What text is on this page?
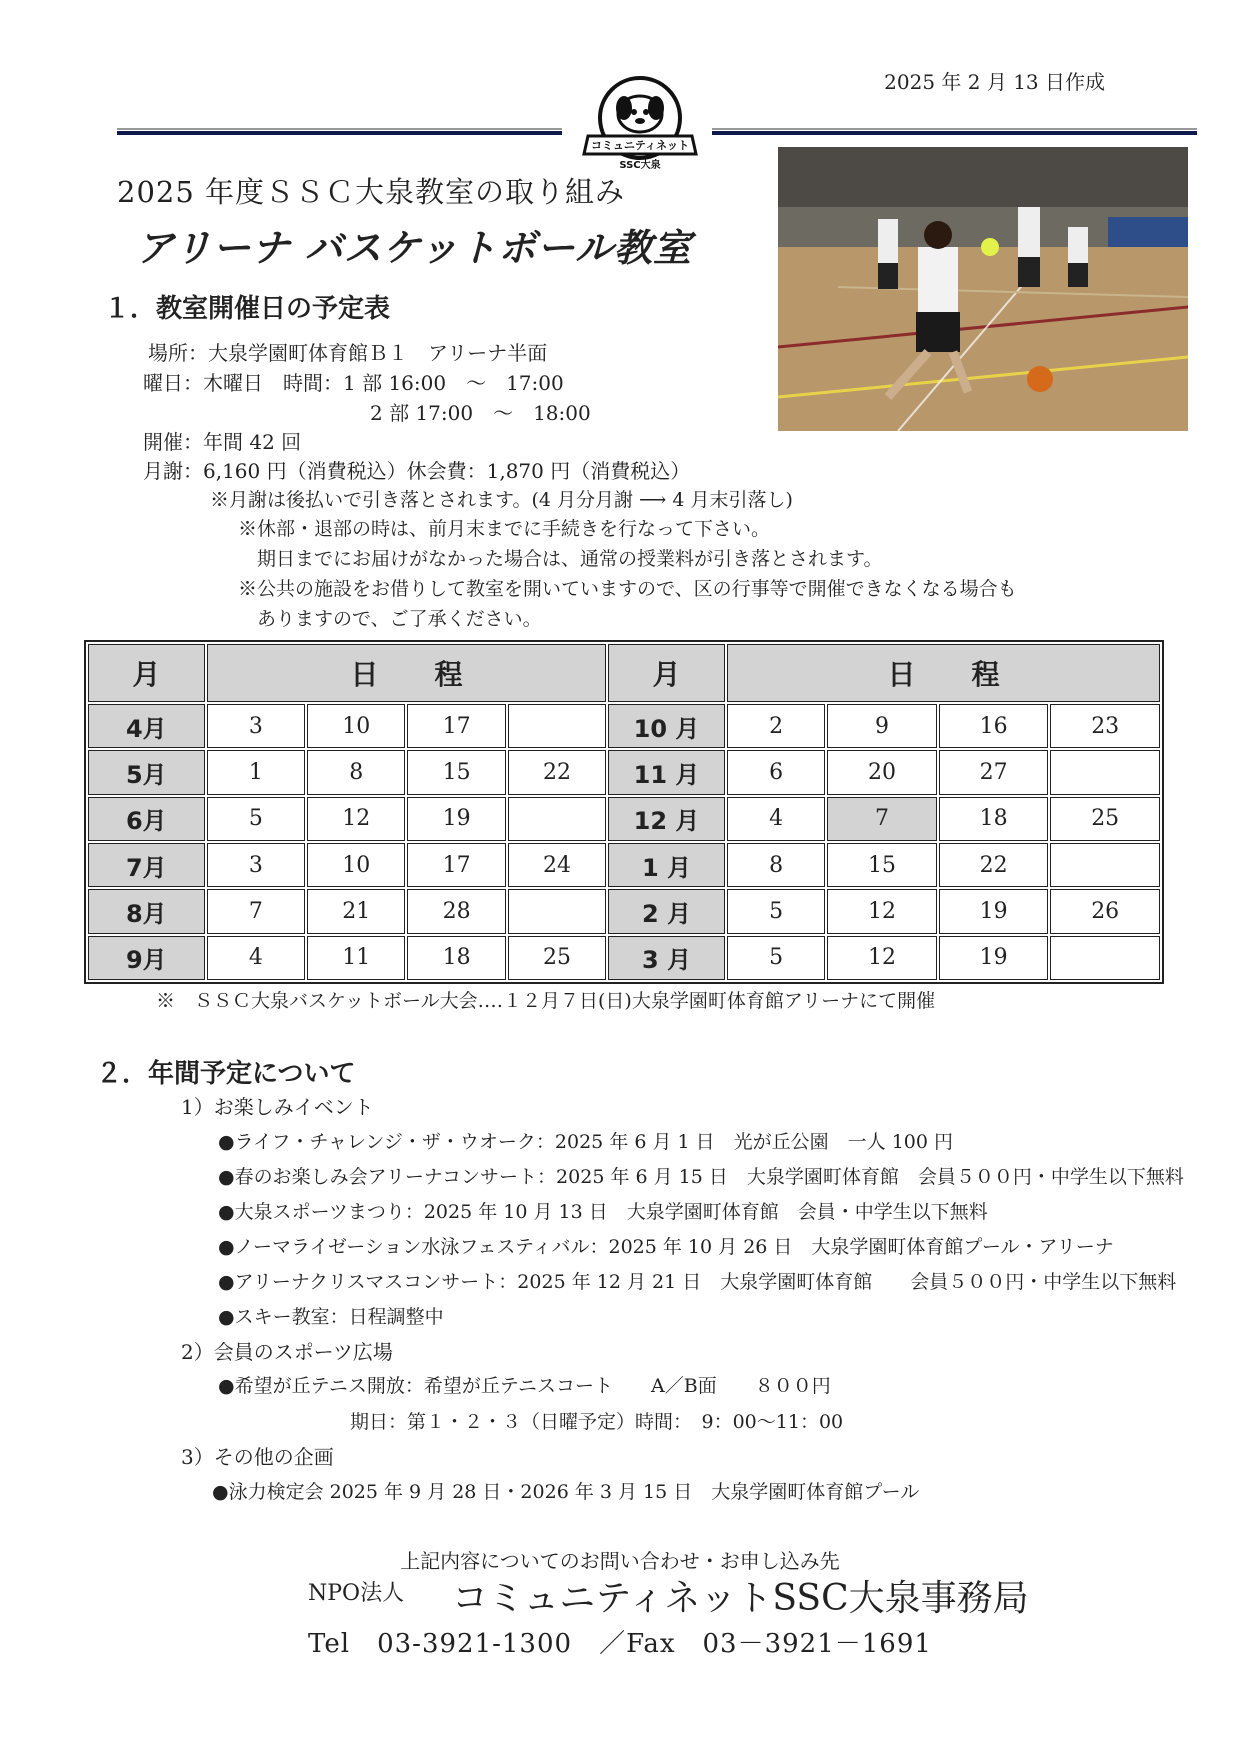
2025 年 2 月 13 日作成
コミュニティネット
SSC大泉
2025 年度ＳＳＣ大泉教室の取り組み
アリーナ バスケットボール教室
１．教室開催日の予定表
場所：大泉学園町体育館Ｂ１　アリーナ半面
曜日：木曜日　時間：1 部 16:00　～　17:00
2 部 17:00　～　18:00
開催：年間 42 回
月謝：6,160 円（消費税込）休会費：1,870 円（消費税込）
※月謝は後払いで引き落とされます。(4 月分月謝 ⟶ 4 月末引落し)
※休部・退部の時は、前月末までに手続きを行なって下さい。
期日までにお届けがなかった場合は、通常の授業料が引き落とされます。
※公共の施設をお借りして教室を開いていますので、区の行事等で開催できなくなる場合も
ありますので、ご了承ください。
月	日　　程				月	日　　程			
4月	3	10	17		10 月	2	9	16	23
5月	1	8	15	22	11 月	6	20	27	
6月	5	12	19		12 月	4	7	18	25
7月	3	10	17	24	1 月	8	15	22	
8月	7	21	28		2 月	5	12	19	26
9月	4	11	18	25	3 月	5	12	19	
※　ＳＳＣ大泉バスケットボール大会‥‥１２月７日(日)大泉学園町体育館アリーナにて開催
２．年間予定について
1）お楽しみイベント
●ライフ・チャレンジ・ザ・ウオーク：2025 年 6 月 1 日　光が丘公園　一人 100 円
●春のお楽しみ会アリーナコンサート：2025 年 6 月 15 日　大泉学園町体育館　会員５００円・中学生以下無料
●大泉スポーツまつり：2025 年 10 月 13 日　大泉学園町体育館　会員・中学生以下無料
●ノーマライゼーション水泳フェスティバル：2025 年 10 月 26 日　大泉学園町体育館プール・アリーナ
●アリーナクリスマスコンサート：2025 年 12 月 21 日　大泉学園町体育館　　会員５００円・中学生以下無料
●スキー教室：日程調整中
2）会員のスポーツ広場
●希望が丘テニス開放：希望が丘テニスコート　　A／B面　　８００円
期日：第１・２・３（日曜予定）時間：　9：00～11：00
3）その他の企画
●泳力検定会 2025 年 9 月 28 日・2026 年 3 月 15 日　大泉学園町体育館プール
上記内容についてのお問い合わせ・お申し込み先
NPO法人 コミュニティネットSSC大泉事務局
Tel　03-3921-1300　／Fax　03－3921－1691
